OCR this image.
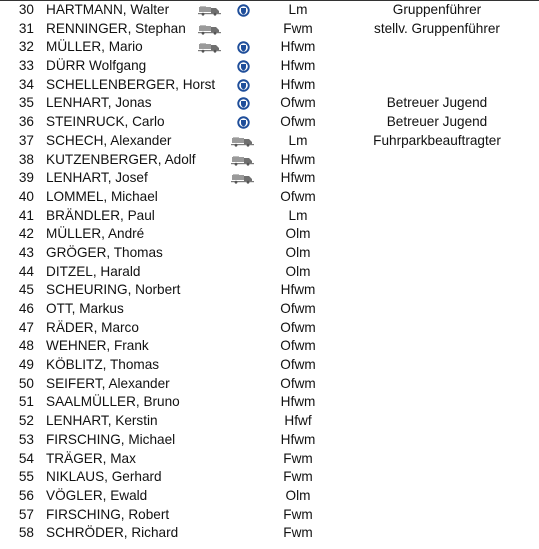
30 HARTMANN, Walter	Lm	Gruppenführer
31 RENNINGER, Stephan	Fwm	stellv. Gruppenführer
32 MÜLLER, Mario	Hfwm
33 DÜRR Wolfgang	Hfwm
34 SCHELLENBERGER, Horst	Hfwm
35 LENHART, Jonas	Ofwm	Betreuer Jugend
36 STEINRUCK, Carlo	Ofwm	Betreuer Jugend
37 SCHECH, Alexander	Lm	Fuhrparkbeauftragter
38 KUTZENBERGER, Adolf	Hfwm
39 LENHART, Josef	Hfwm
40 LOMMEL, Michael	Ofwm
41 BRÄNDLER, Paul	Lm
42 MÜLLER, André	Olm
43 GRÖGER, Thomas	Olm
44 DITZEL, Harald	Olm
45 SCHEURING, Norbert	Hfwm
46 OTT, Markus	Ofwm
47 RÄDER, Marco	Ofwm
48 WEHNER, Frank	Ofwm
49 KÖBLITZ, Thomas	Ofwm
50 SEIFERT, Alexander	Ofwm
51 SAALMÜLLER, Bruno	Hfwm
52 LENHART, Kerstin	Hfwf
53 FIRSCHING, Michael	Hfwm
54 TRÄGER, Max	Fwm
55 NIKLAUS, Gerhard	Fwm
56 VÖGLER, Ewald	Olm
57 FIRSCHING, Robert	Fwm
58 SCHRÖDER, Richard	Fwm
